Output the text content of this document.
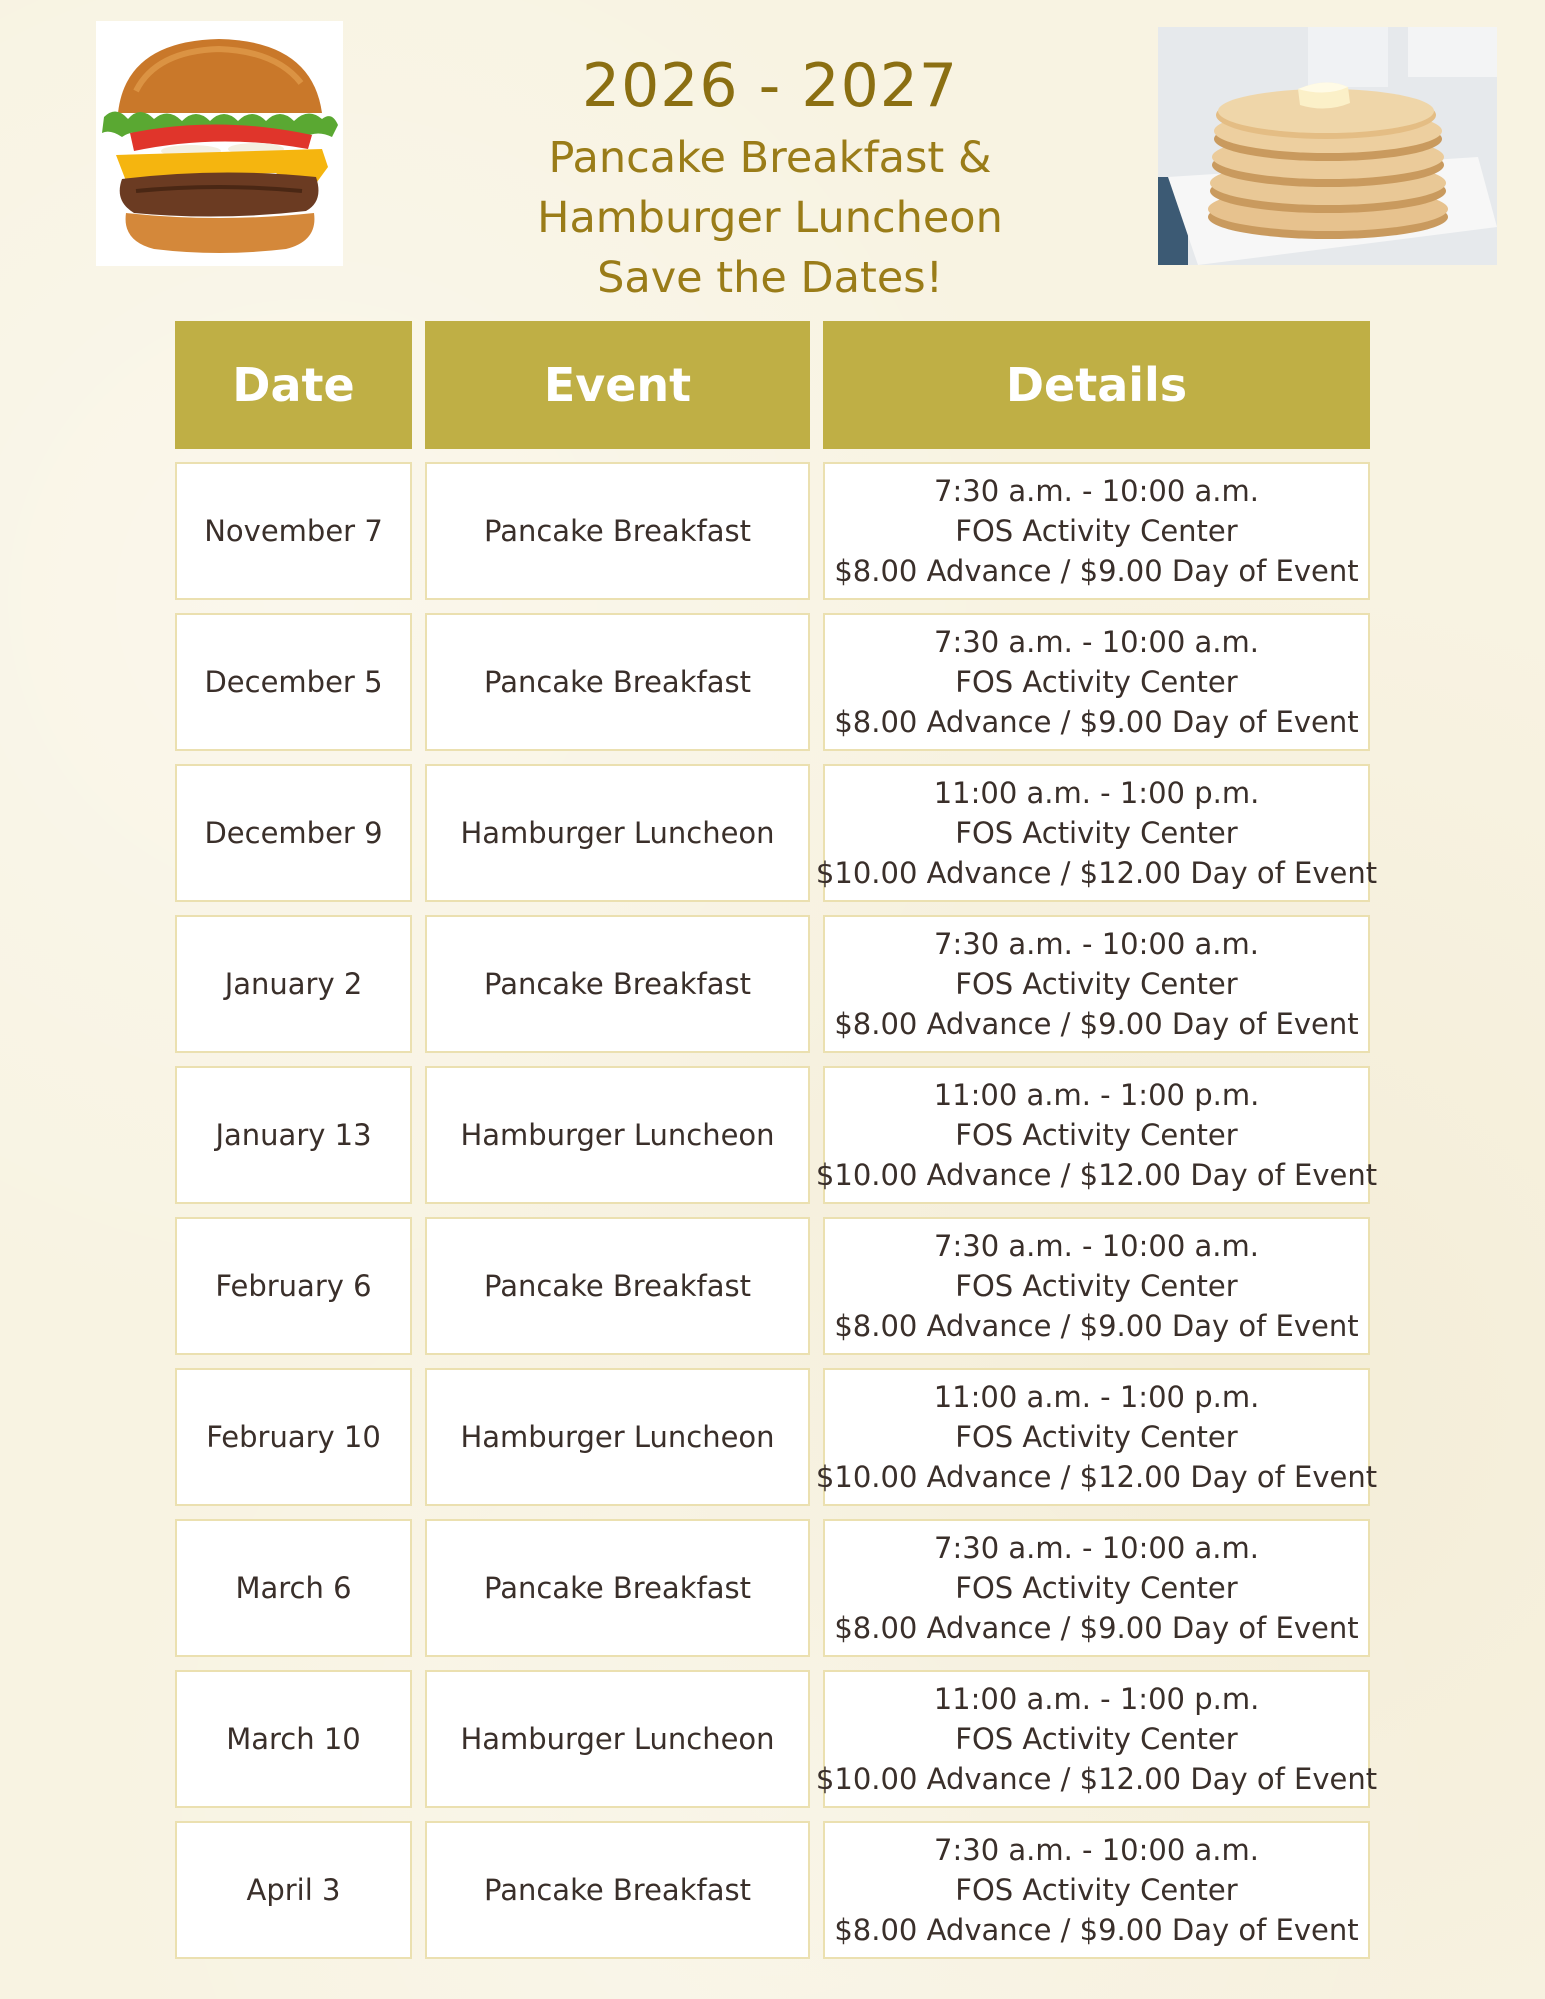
2026 - 2027
Pancake Breakfast &
Hamburger Luncheon
Save the Dates!
Date	Event	Details
November 7	Pancake Breakfast
7:30 a.m. - 10:00 a.m.
FOS Activity Center
$8.00 Advance / $9.00 Day of Event
December 5	Pancake Breakfast
7:30 a.m. - 10:00 a.m.
FOS Activity Center
$8.00 Advance / $9.00 Day of Event
December 9	Hamburger Luncheon
11:00 a.m. - 1:00 p.m.
FOS Activity Center
$10.00 Advance / $12.00 Day of Event
January 2	Pancake Breakfast
7:30 a.m. - 10:00 a.m.
FOS Activity Center
$8.00 Advance / $9.00 Day of Event
January 13	Hamburger Luncheon
11:00 a.m. - 1:00 p.m.
FOS Activity Center
$10.00 Advance / $12.00 Day of Event
February 6	Pancake Breakfast
7:30 a.m. - 10:00 a.m.
FOS Activity Center
$8.00 Advance / $9.00 Day of Event
February 10	Hamburger Luncheon
11:00 a.m. - 1:00 p.m.
FOS Activity Center
$10.00 Advance / $12.00 Day of Event
March 6	Pancake Breakfast
7:30 a.m. - 10:00 a.m.
FOS Activity Center
$8.00 Advance / $9.00 Day of Event
March 10	Hamburger Luncheon
11:00 a.m. - 1:00 p.m.
FOS Activity Center
$10.00 Advance / $12.00 Day of Event
April 3	Pancake Breakfast
7:30 a.m. - 10:00 a.m.
FOS Activity Center
$8.00 Advance / $9.00 Day of Event
